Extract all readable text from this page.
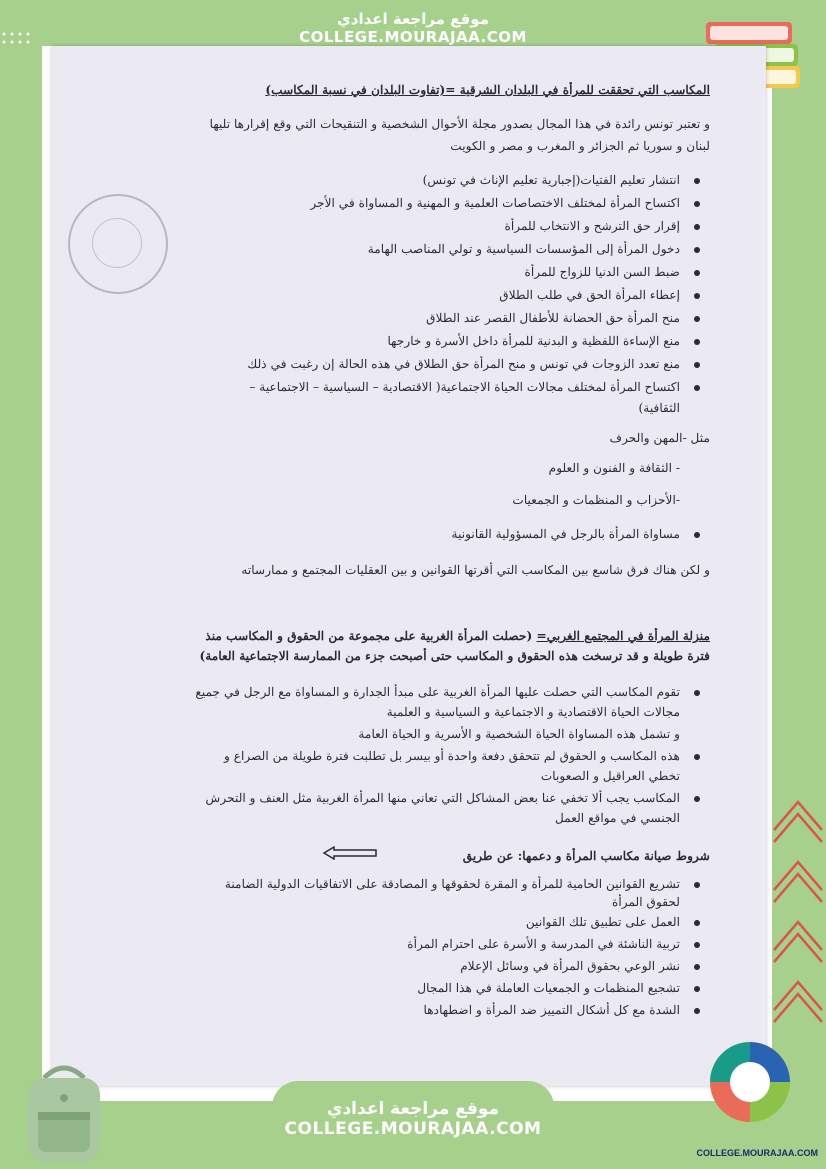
موقع مراجعة اعدادي
COLLEGE.MOURAJAA.COM
المكاسب التي تحققت للمرأة في البلدان الشرقية =(تفاوت البلدان في نسبة المكاسب)
و تعتبر تونس رائدة في هذا المجال بصدور مجلة الأحوال الشخصية و التنقيحات التي وقع إقرارها تليها
لبنان و سوريا ثم الجزائر و المغرب و مصر و الكويت
انتشار تعليم الفتيات(إجبارية تعليم الإناث في تونس)
اكتساح المرأة لمختلف الاختصاصات العلمية و المهنية و المساواة في الأجر
إقرار حق الترشح و الانتخاب للمرأة
دخول المرأة إلى المؤسسات السياسية و تولي المناصب الهامة
ضبط السن الدنيا للزواج للمرأة
إعطاء المرأة الحق في طلب الطلاق
منح المرأة حق الحضانة للأطفال القصر عند الطلاق
منع الإساءة اللفظية و البدنية للمرأة داخل الأسرة و خارجها
منع تعدد الزوجات في تونس و منح المرأة حق الطلاق في هذه الحالة إن رغبت في ذلك
اكتساح المرأة لمختلف مجالات الحياة الاجتماعية( الاقتصادية – السياسية – الاجتماعية –
الثقافية)
مثل -المهن والحرف
- الثقافة و الفنون و العلوم
-الأحزاب و المنظمات و الجمعيات
مساواة المرأة بالرجل في المسؤولية القانونية
و لكن هناك فرق شاسع بين المكاسب التي أقرتها القوانين و بين العقليات المجتمع و ممارساته
منزلة المرأة في المجتمع الغربي= (حصلت المرأة الغربية على مجموعة من الحقوق و المكاسب منذ
فترة طويلة و قد ترسخت هذه الحقوق و المكاسب حتى أصبحت جزء من الممارسة الاجتماعية العامة)
تقوم المكاسب التي حصلت عليها المرأة الغربية على مبدأ الجدارة و المساواة مع الرجل في جميع
مجالات الحياة الاقتصادية و الاجتماعية و السياسية و العلمية
و تشمل هذه المساواة الحياة الشخصية و الأسرية و الحياة العامة
هذه المكاسب و الحقوق لم تتحقق دفعة واحدة أو بيسر بل تطلبت فترة طويلة من الصراع و
تخطي العراقيل و الصعوبات
المكاسب يجب ألا تخفي عنا بعض المشاكل التي تعاني منها المرأة الغربية مثل العنف و التحرش
الجنسي في مواقع العمل
شروط صيانة مكاسب المرأة و دعمها: عن طريق
تشريع القوانين الحامية للمرأة و المقرة لحقوقها و المصادقة على الاتفاقيات الدولية الضامنة
لحقوق المرأة
العمل على تطبيق تلك القوانين
تربية الناشئة في المدرسة و الأسرة على احترام المرأة
نشر الوعي بحقوق المرأة في وسائل الإعلام
تشجيع المنظمات و الجمعيات العاملة في هذا المجال
الشدة مع كل أشكال التمييز ضد المرأة و اضطهادها
موقع مراجعة اعدادي
COLLEGE.MOURAJAA.COM
COLLEGE.MOURAJAA.COM
